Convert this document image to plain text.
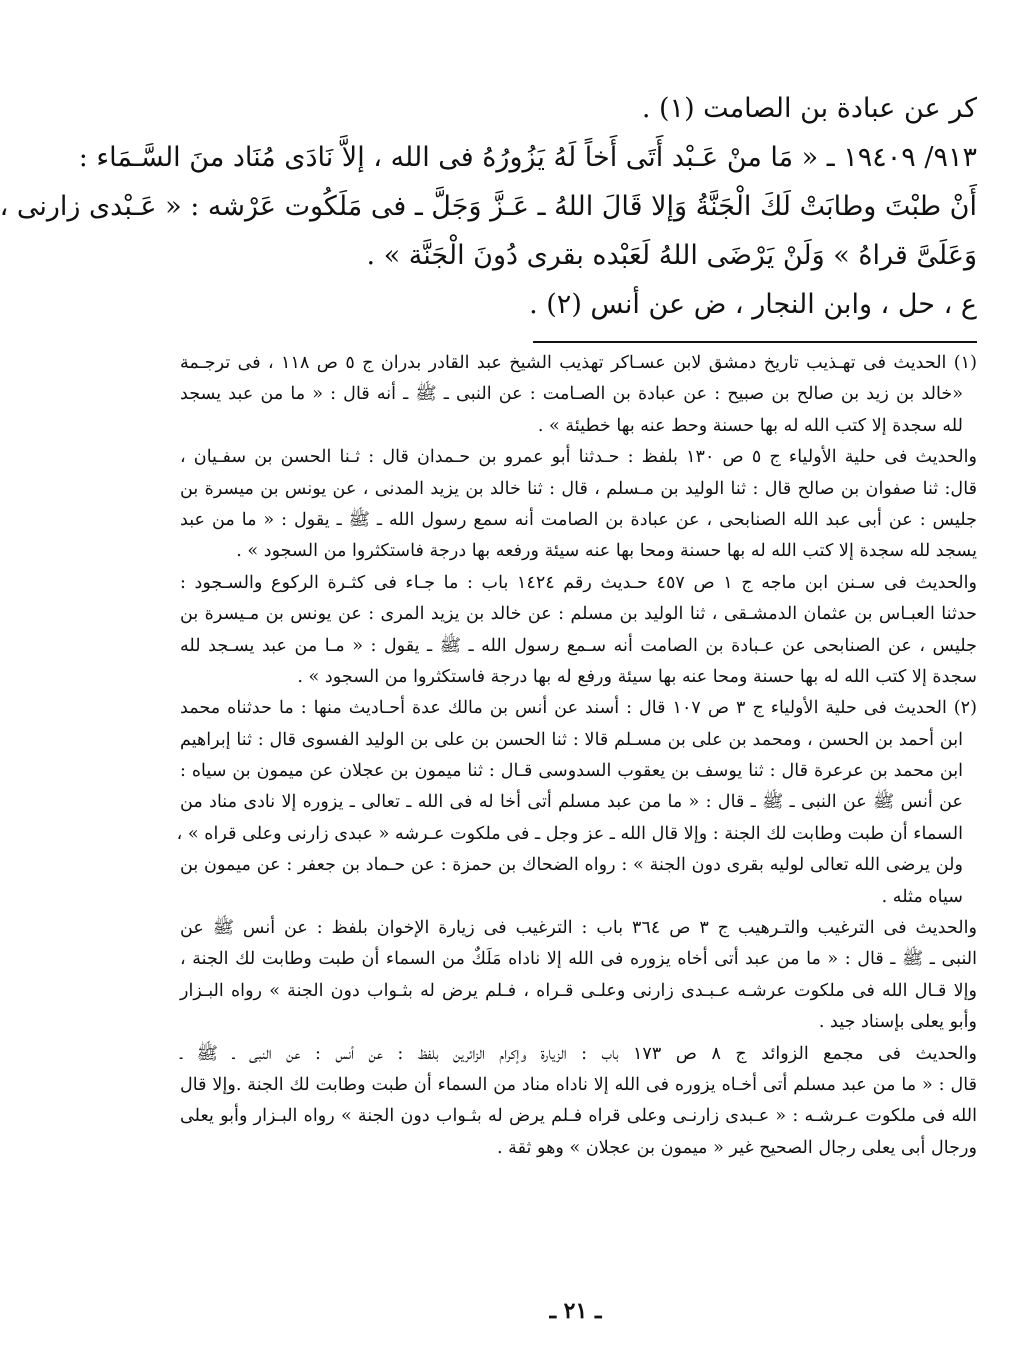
كر عن عبادة بن الصامت (١) .
٩١٣/ ١٩٤٠٩ ـ « مَا منْ عَـبْد أَتَى أَخاً لَهُ يَزُورُهُ فى الله ، إلاَّ نَادَى مُنَاد منَ السَّـمَاء :
أَنْ طبْتَ وطابَتْ لَكَ الْجَنَّةُ وَإلا قَالَ اللهُ ـ عَـزَّ وَجَلَّ ـ فى مَلَكُوت عَرْشه : « عَـبْدى زارنى ،
وَعَلَىَّ قراهُ » وَلَنْ يَرْضَى اللهُ لَعَبْده بقرى دُونَ الْجَنَّة » .
ع ، حل ، وابن النجار ، ض عن أنس (٢) .
(١) الحديث فى تهـذيب تاريخ دمشق لابن عسـاكر تهذيب الشيخ عبد القادر بدران ج ٥ ص ١١٨ ، فى ترجـمة
«خالد بن زيد بن صالح بن صبيح : عن عبادة بن الصـامت : عن النبى ـ ﷺ ـ أنه قال : « ما من عبد يسجد
لله سجدة إلا كتب الله له بها حسنة وحط عنه بها خطيئة » .
والحديث فى حلية الأولياء ج ٥ ص ١٣٠ بلفظ : حـدثنا أبو عمرو بن حـمدان قال : ثـنا الحسن بن سفـيان ،
قال: ثنا صفوان بن صالح قال : ثنا الوليد بن مـسلم ، قال : ثنا خالد بن يزيد المدنى ، عن يونس بن ميسرة بن
جليس : عن أبى عبد الله الصنابحى ، عن عبادة بن الصامت أنه سمع رسول الله ـ ﷺ ـ يقول : « ما من عبد
يسجد لله سجدة إلا كتب الله له بها حسنة ومحا بها عنه سيئة ورفعه بها درجة فاستكثروا من السجود » .
والحديث فى سـنن ابن ماجه ج ١ ص ٤٥٧ حـديث رقم ١٤٢٤ باب : ما جـاء فى كثـرة الركوع والسـجود :
حدثنا العبـاس بن عثمان الدمشـقى ، ثنا الوليد بن مسلم : عن خالد بن يزيد المرى : عن يونس بن مـيسرة بن
جليس ، عن الصنابحى عن عـبادة بن الصامت أنه سـمع رسول الله ـ ﷺ ـ يقول : « مـا من عبد يسـجد لله
سجدة إلا كتب الله له بها حسنة ومحا عنه بها سيئة ورفع له بها درجة فاستكثروا من السجود » .
(٢) الحديث فى حلية الأولياء ج ٣ ص ١٠٧ قال : أسند عن أنس بن مالك عدة أحـاديث منها : ما حدثناه محمد
ابن أحمد بن الحسن ، ومحمد بن على بن مسـلم قالا : ثنا الحسن بن على بن الوليد الفسوى قال : ثنا إبراهيم
ابن محمد بن عرعرة قال : ثنا يوسف بن يعقوب السدوسى قـال : ثنا ميمون بن عجلان عن ميمون بن سياه :
عن أنس ﷺ عن النبى ـ ﷺ ـ قال : « ما من عبد مسلم أتى أخا له فى الله ـ تعالى ـ يزوره إلا نادى مناد من
السماء أن طبت وطابت لك الجنة : وإلا قال الله ـ عز وجل ـ فى ملكوت عـرشه « عبدى زارنى وعلى قراه » ،
ولن يرضى الله تعالى لوليه بقرى دون الجنة » : رواه الضحاك بن حمزة : عن حـماد بن جعفر : عن ميمون بن
سياه مثله .
والحديث فى الترغيب والتـرهيب ج ٣ ص ٣٦٤ باب : الترغيب فى زيارة الإخوان بلفظ : عن أنس ﷺ عن
النبى ـ ﷺ ـ قال : « ما من عبد أتى أخاه يزوره فى الله إلا ناداه مَلَكٌ من السماء أن طبت وطابت لك الجنة ،
وإلا قـال الله فى ملكوت عرشـه عـبـدى زارنى وعلـى قـراه ، فـلم يرض له بثـواب دون الجنة » رواه البـزار
وأبو يعلى بإسناد جيد .
والحديث فى مجمع الزوائد ج ٨ ص ١٧٣ باب : الزيارة وإكرام الزائرين بلفظ : عن أنس : عن النبى ـ ﷺ ـ
قال : « ما من عبد مسلم أتى أخـاه يزوره فى الله إلا ناداه مناد من السماء أن طبت وطابت لك الجنة .وإلا قال
الله فى ملكوت عـرشـه : « عـبدى زارنـى وعلى قراه فـلم يرض له بثـواب دون الجنة » رواه البـزار وأبو يعلى
ورجال أبى يعلى رجال الصحيح غير « ميمون بن عجلان » وهو ثقة .
ـ ٢١ ـ
